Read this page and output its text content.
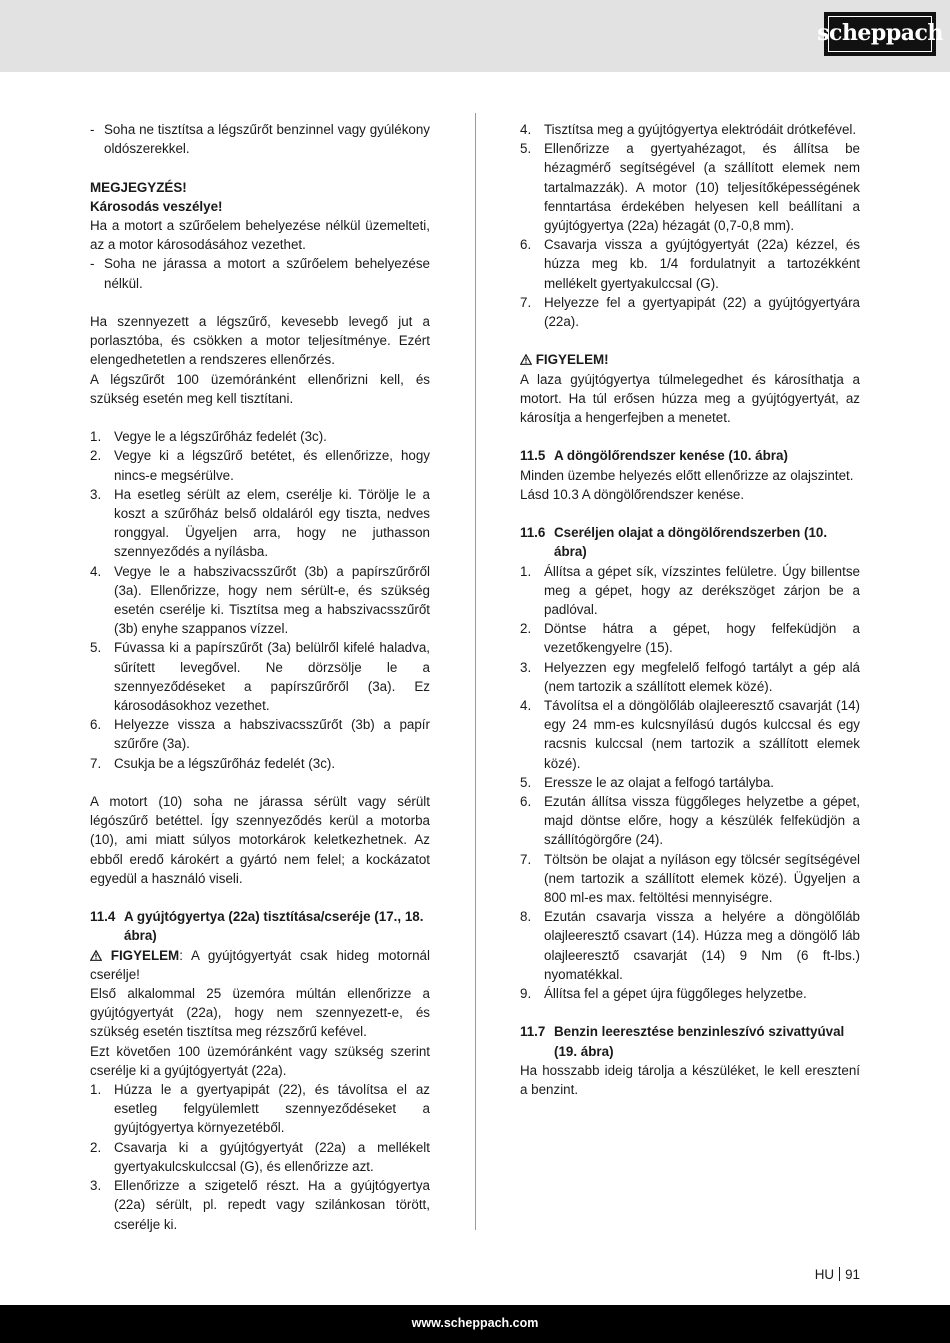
scheppach
- Soha ne tisztítsa a légszűrőt benzinnel vagy gyúlékony oldószerekkel.
MEGJEGYZÉS!
Károsodás veszélye!
Ha a motort a szűrőelem behelyezése nélkül üzemelteti, az a motor károsodásához vezethet.
- Soha ne járassa a motort a szűrőelem behelyezése nélkül.
Ha szennyezett a légszűrő, kevesebb levegő jut a porlasztóba, és csökken a motor teljesítménye. Ezért elengedhetetlen a rendszeres ellenőrzés.
A légszűrőt 100 üzemóránként ellenőrizni kell, és szükség esetén meg kell tisztítani.
1. Vegye le a légszűrőház fedelét (3c).
2. Vegye ki a légszűrő betétet, és ellenőrizze, hogy nincs-e megsérülve.
3. Ha esetleg sérült az elem, cserélje ki. Törölje le a koszt a szűrőház belső oldaláról egy tiszta, nedves ronggyal. Ügyeljen arra, hogy ne juthasson szennyeződés a nyílásba.
4. Vegye le a habszivacsszűrőt (3b) a papírszűrőről (3a). Ellenőrizze, hogy nem sérült-e, és szükség esetén cserélje ki. Tisztítsa meg a habszivacsszűrőt (3b) enyhe szappanos vízzel.
5. Fúvassa ki a papírszűrőt (3a) belülről kifelé haladva, sűrített levegővel. Ne dörzsölje le a szennyeződéseket a papírszűrőről (3a). Ez károsodásokhoz vezethet.
6. Helyezze vissza a habszivacsszűrőt (3b) a papír szűrőre (3a).
7. Csukja be a légszűrőház fedelét (3c).
A motort (10) soha ne járassa sérült vagy sérült légószűrő betéttel. Így szennyeződés kerül a motorba (10), ami miatt súlyos motorkárok keletkezhetnek. Az ebből eredő károkért a gyártó nem felel; a kockázatot egyedül a használó viseli.
11.4 A gyújtógyertya (22a) tisztítása/cseréje (17., 18. ábra)
FIGYELEM: A gyújtógyertyát csak hideg motornál cserélje!
Első alkalommal 25 üzemóra múltán ellenőrizze a gyújtógyertyát (22a), hogy nem szennyezett-e, és szükség esetén tisztítsa meg rézszőrű kefével.
Ezt követően 100 üzemóránként vagy szükség szerint cserélje ki a gyújtógyertyát (22a).
1. Húzza le a gyertyapipát (22), és távolítsa el az esetleg felgyülemlett szennyeződéseket a gyújtógyertya környezetéből.
2. Csavarja ki a gyújtógyertyát (22a) a mellékelt gyertyakulcskulccsal (G), és ellenőrizze azt.
3. Ellenőrizze a szigetelő részt. Ha a gyújtógyertya (22a) sérült, pl. repedt vagy szilánkosan törött, cserélje ki.
4. Tisztítsa meg a gyújtógyertya elektródáit drótkefével.
5. Ellenőrizze a gyertyahézagot, és állítsa be hézagmérő segítségével (a szállított elemek nem tartalmazzák). A motor (10) teljesítőképességének fenntartása érdekében helyesen kell beállítani a gyújtógyertya (22a) hézagát (0,7-0,8 mm).
6. Csavarja vissza a gyújtógyertyát (22a) kézzel, és húzza meg kb. 1/4 fordulatnyit a tartozékként mellékelt gyertyakulccsal (G).
7. Helyezze fel a gyertyapipát (22) a gyújtógyertyára (22a).
FIGYELEM!
A laza gyújtógyertya túlmelegedhet és károsíthatja a motort. Ha túl erősen húzza meg a gyújtógyertyát, az károsítja a hengerfejben a menetet.
11.5 A döngölőrendszer kenése (10. ábra)
Minden üzembe helyezés előtt ellenőrizze az olajszintet.
Lásd 10.3 A döngölőrendszer kenése.
11.6 Cseréljen olajat a döngölőrendszerben (10. ábra)
1. Állítsa a gépet sík, vízszintes felületre. Úgy billentse meg a gépet, hogy az derékszöget zárjon be a padlóval.
2. Döntse hátra a gépet, hogy felfeküdjön a vezetőkengyelre (15).
3. Helyezzen egy megfelelő felfogó tartályt a gép alá (nem tartozik a szállított elemek közé).
4. Távolítsa el a döngölőláb olajleeresztő csavarját (14) egy 24 mm-es kulcsnyílású dugós kulccsal és egy racsnis kulccsal (nem tartozik a szállított elemek közé).
5. Eressze le az olajat a felfogó tartályba.
6. Ezután állítsa vissza függőleges helyzetbe a gépet, majd döntse előre, hogy a készülék felfeküdjön a szállítógörgőre (24).
7. Töltsön be olajat a nyíláson egy tölcsér segítségével (nem tartozik a szállított elemek közé). Ügyeljen a 800 ml-es max. feltöltési mennyiségre.
8. Ezután csavarja vissza a helyére a döngölőláb olajleeresztő csavart (14). Húzza meg a döngölő láb olajleeresztő csavarját (14) 9 Nm (6 ft-lbs.) nyomatékkal.
9. Állítsa fel a gépet újra függőleges helyzetbe.
11.7 Benzin leeresztése benzinleszívó szivattyúval (19. ábra)
Ha hosszabb ideig tárolja a készüléket, le kell eresztení a benzint.
HU 91
www.scheppach.com
